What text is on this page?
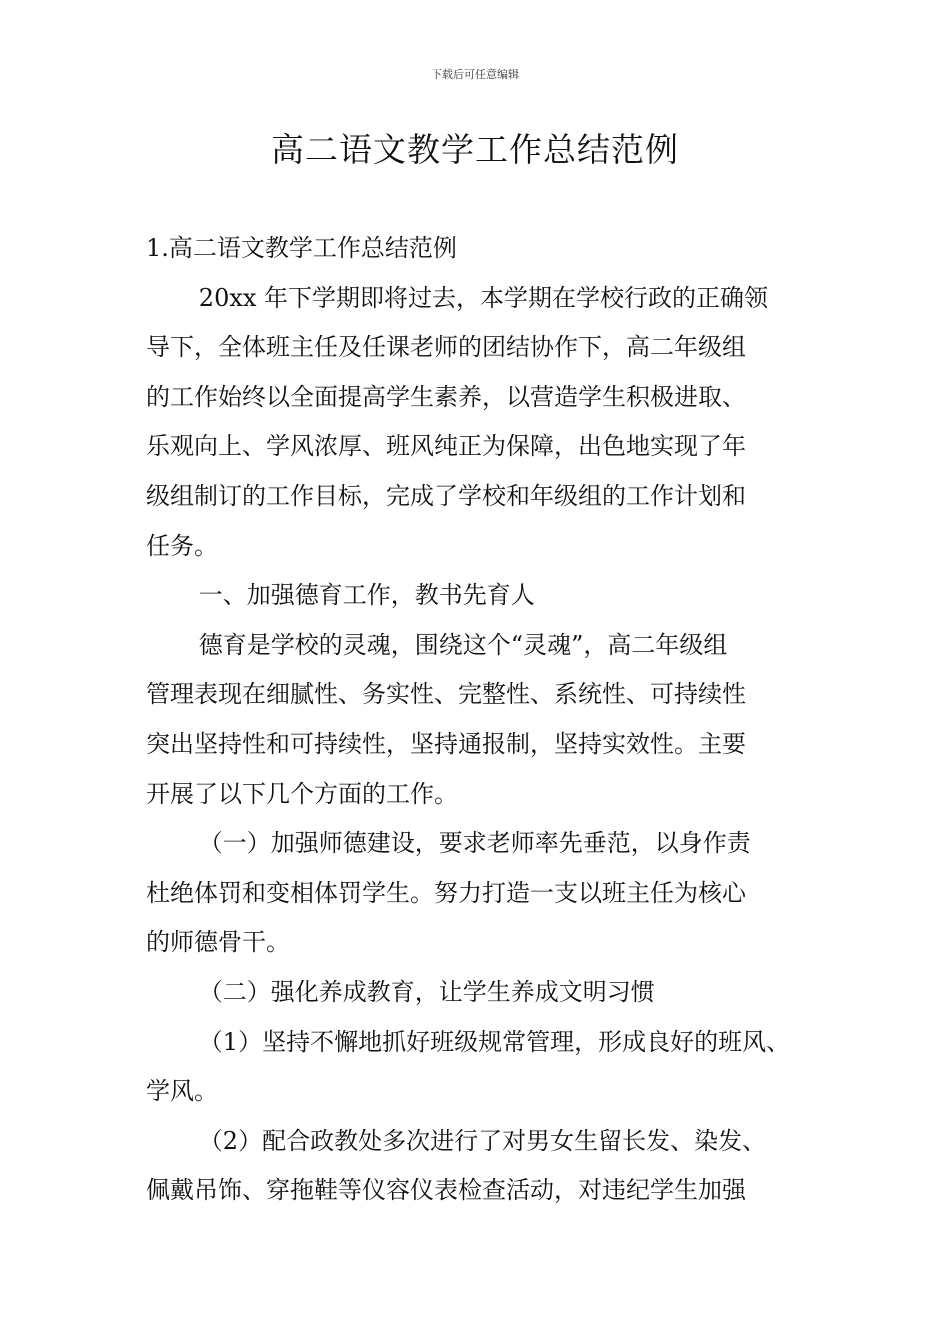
下载后可任意编辑
高二语文教学工作总结范例

1.高二语文教学工作总结范例

20xx 年下学期即将过去，本学期在学校行政的正确领
导下，全体班主任及任课老师的团结协作下，高二年级组
的工作始终以全面提高学生素养，以营造学生积极进取、
乐观向上、学风浓厚、班风纯正为保障，出色地实现了年
级组制订的工作目标，完成了学校和年级组的工作计划和
任务。

一、加强德育工作，教书先育人

德育是学校的灵魂，围绕这个“灵魂”，高二年级组
管理表现在细腻性、务实性、完整性、系统性、可持续性
突出坚持性和可持续性，坚持通报制，坚持实效性。主要
开展了以下几个方面的工作。

（一）加强师德建设，要求老师率先垂范，以身作责
杜绝体罚和变相体罚学生。努力打造一支以班主任为核心
的师德骨干。

（二）强化养成教育，让学生养成文明习惯

（1）坚持不懈地抓好班级规常管理，形成良好的班风、
学风。

（2）配合政教处多次进行了对男女生留长发、染发、
佩戴吊饰、穿拖鞋等仪容仪表检查活动，对违纪学生加强
